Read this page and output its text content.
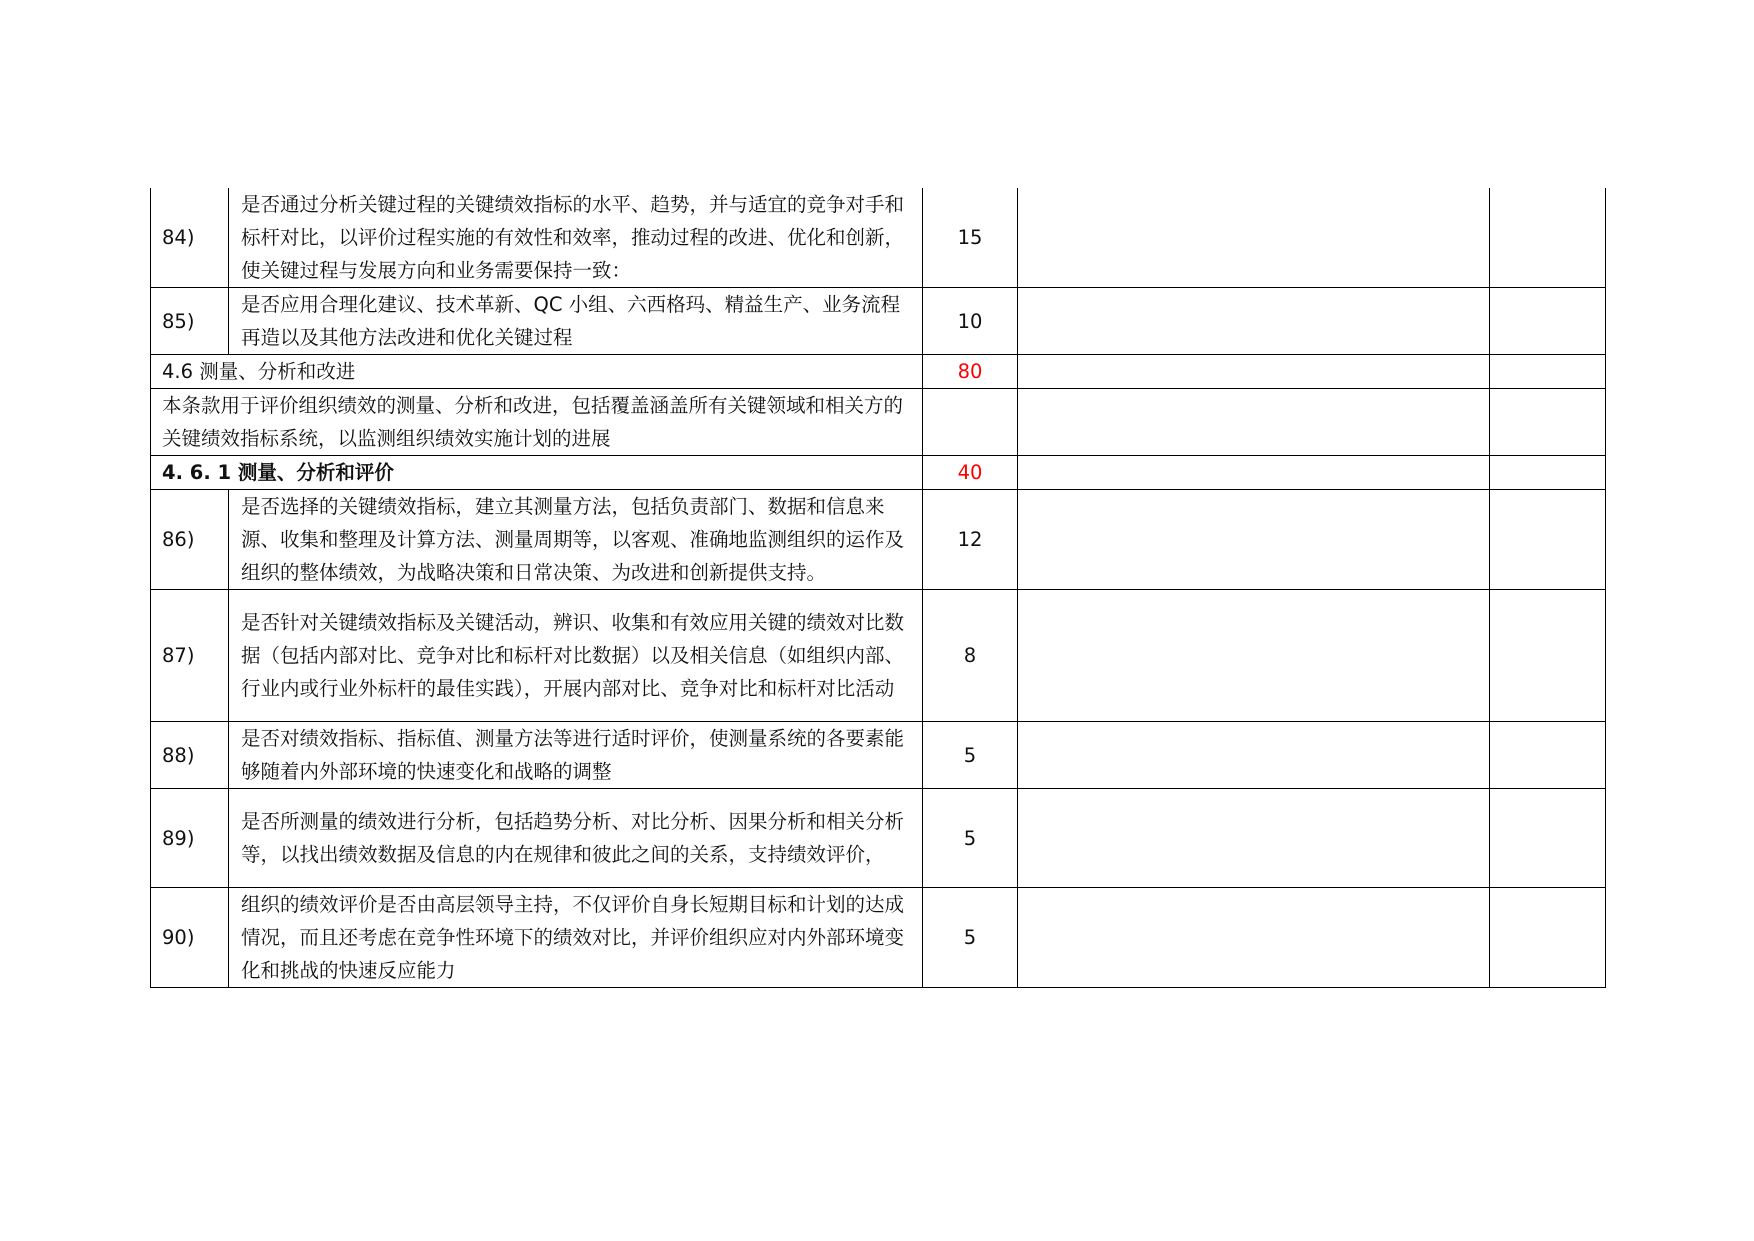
84)	是否通过分析关键过程的关键绩效指标的水平、趋势，并与适宜的竞争对手和标杆对比，以评价过程实施的有效性和效率，推动过程的改进、优化和创新，使关键过程与发展方向和业务需要保持一致：	15		
85)	是否应用合理化建议、技术革新、QC 小组、六西格玛、精益生产、业务流程再造以及其他方法改进和优化关键过程	10		
4.6 测量、分析和改进		80		
本条款用于评价组织绩效的测量、分析和改进，包括覆盖涵盖所有关键领域和相关方的关键绩效指标系统，以监测组织绩效实施计划的进展				
4. 6. 1 测量、分析和评价		40		
86)	是否选择的关键绩效指标，建立其测量方法，包括负责部门、数据和信息来源、收集和整理及计算方法、测量周期等，以客观、准确地监测组织的运作及组织的整体绩效，为战略决策和日常决策、为改进和创新提供支持。	12		
87)	是否针对关键绩效指标及关键活动，辨识、收集和有效应用关键的绩效对比数据（包括内部对比、竞争对比和标杆对比数据）以及相关信息（如组织内部、行业内或行业外标杆的最佳实践），开展内部对比、竞争对比和标杆对比活动	8		
88)	是否对绩效指标、指标值、测量方法等进行适时评价，使测量系统的各要素能够随着内外部环境的快速变化和战略的调整	5		
89)	是否所测量的绩效进行分析，包括趋势分析、对比分析、因果分析和相关分析等，以找出绩效数据及信息的内在规律和彼此之间的关系，支持绩效评价，	5		
90)	组织的绩效评价是否由高层领导主持，不仅评价自身长短期目标和计划的达成情况，而且还考虑在竞争性环境下的绩效对比，并评价组织应对内外部环境变化和挑战的快速反应能力	5		
